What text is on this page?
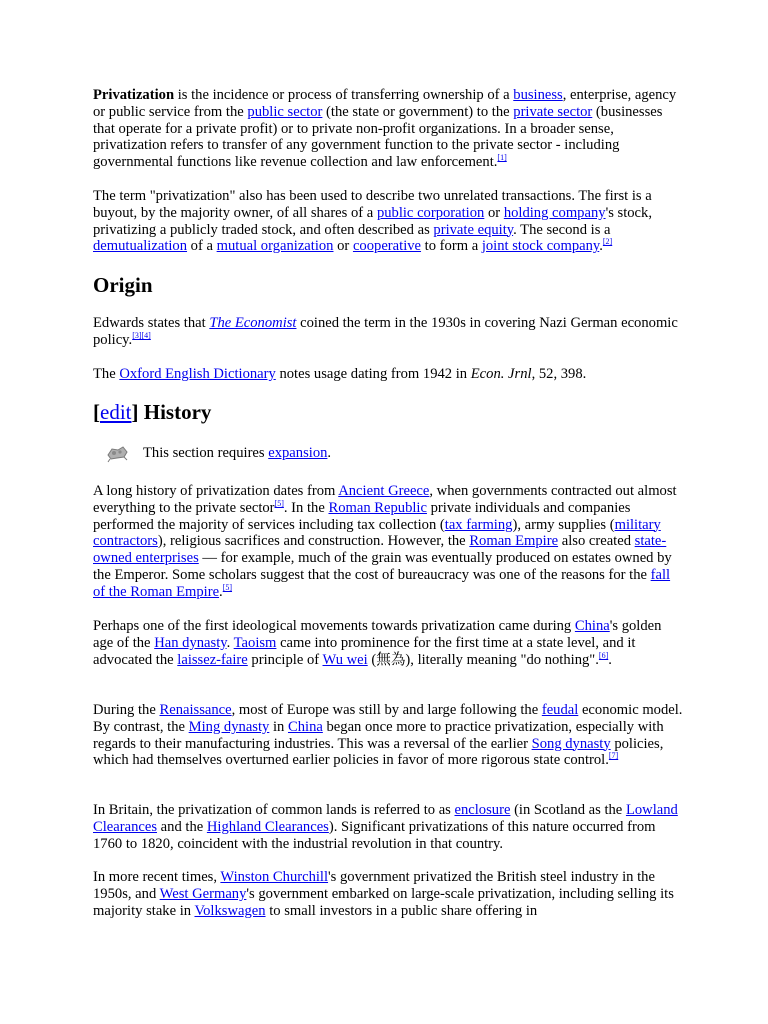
Privatization is the incidence or process of transferring ownership of a business, enterprise, agency or public service from the public sector (the state or government) to the private sector (businesses that operate for a private profit) or to private non-profit organizations. In a broader sense, privatization refers to transfer of any government function to the private sector - including governmental functions like revenue collection and law enforcement.[1]

The term "privatization" also has been used to describe two unrelated transactions. The first is a buyout, by the majority owner, of all shares of a public corporation or holding company's stock, privatizing a publicly traded stock, and often described as private equity. The second is a demutualization of a mutual organization or cooperative to form a joint stock company.[2]

Origin

Edwards states that The Economist coined the term in the 1930s in covering Nazi German economic policy.[3][4]

The Oxford English Dictionary notes usage dating from 1942 in Econ. Jrnl, 52, 398.

[edit] History
This section requires expansion.

A long history of privatization dates from Ancient Greece, when governments contracted out almost everything to the private sector[5]. In the Roman Republic private individuals and companies performed the majority of services including tax collection (tax farming), army supplies (military contractors), religious sacrifices and construction. However, the Roman Empire also created state-owned enterprises — for example, much of the grain was eventually produced on estates owned by the Emperor. Some scholars suggest that the cost of bureaucracy was one of the reasons for the fall of the Roman Empire.[5]

Perhaps one of the first ideological movements towards privatization came during China's golden age of the Han dynasty. Taoism came into prominence for the first time at a state level, and it advocated the laissez-faire principle of Wu wei (無為), literally meaning "do nothing".[6].

During the Renaissance, most of Europe was still by and large following the feudal economic model. By contrast, the Ming dynasty in China began once more to practice privatization, especially with regards to their manufacturing industries. This was a reversal of the earlier Song dynasty policies, which had themselves overturned earlier policies in favor of more rigorous state control.[7]

In Britain, the privatization of common lands is referred to as enclosure (in Scotland as the Lowland Clearances and the Highland Clearances). Significant privatizations of this nature occurred from 1760 to 1820, coincident with the industrial revolution in that country.

In more recent times, Winston Churchill's government privatized the British steel industry in the 1950s, and West Germany's government embarked on large-scale privatization, including selling its majority stake in Volkswagen to small investors in a public share offering in
